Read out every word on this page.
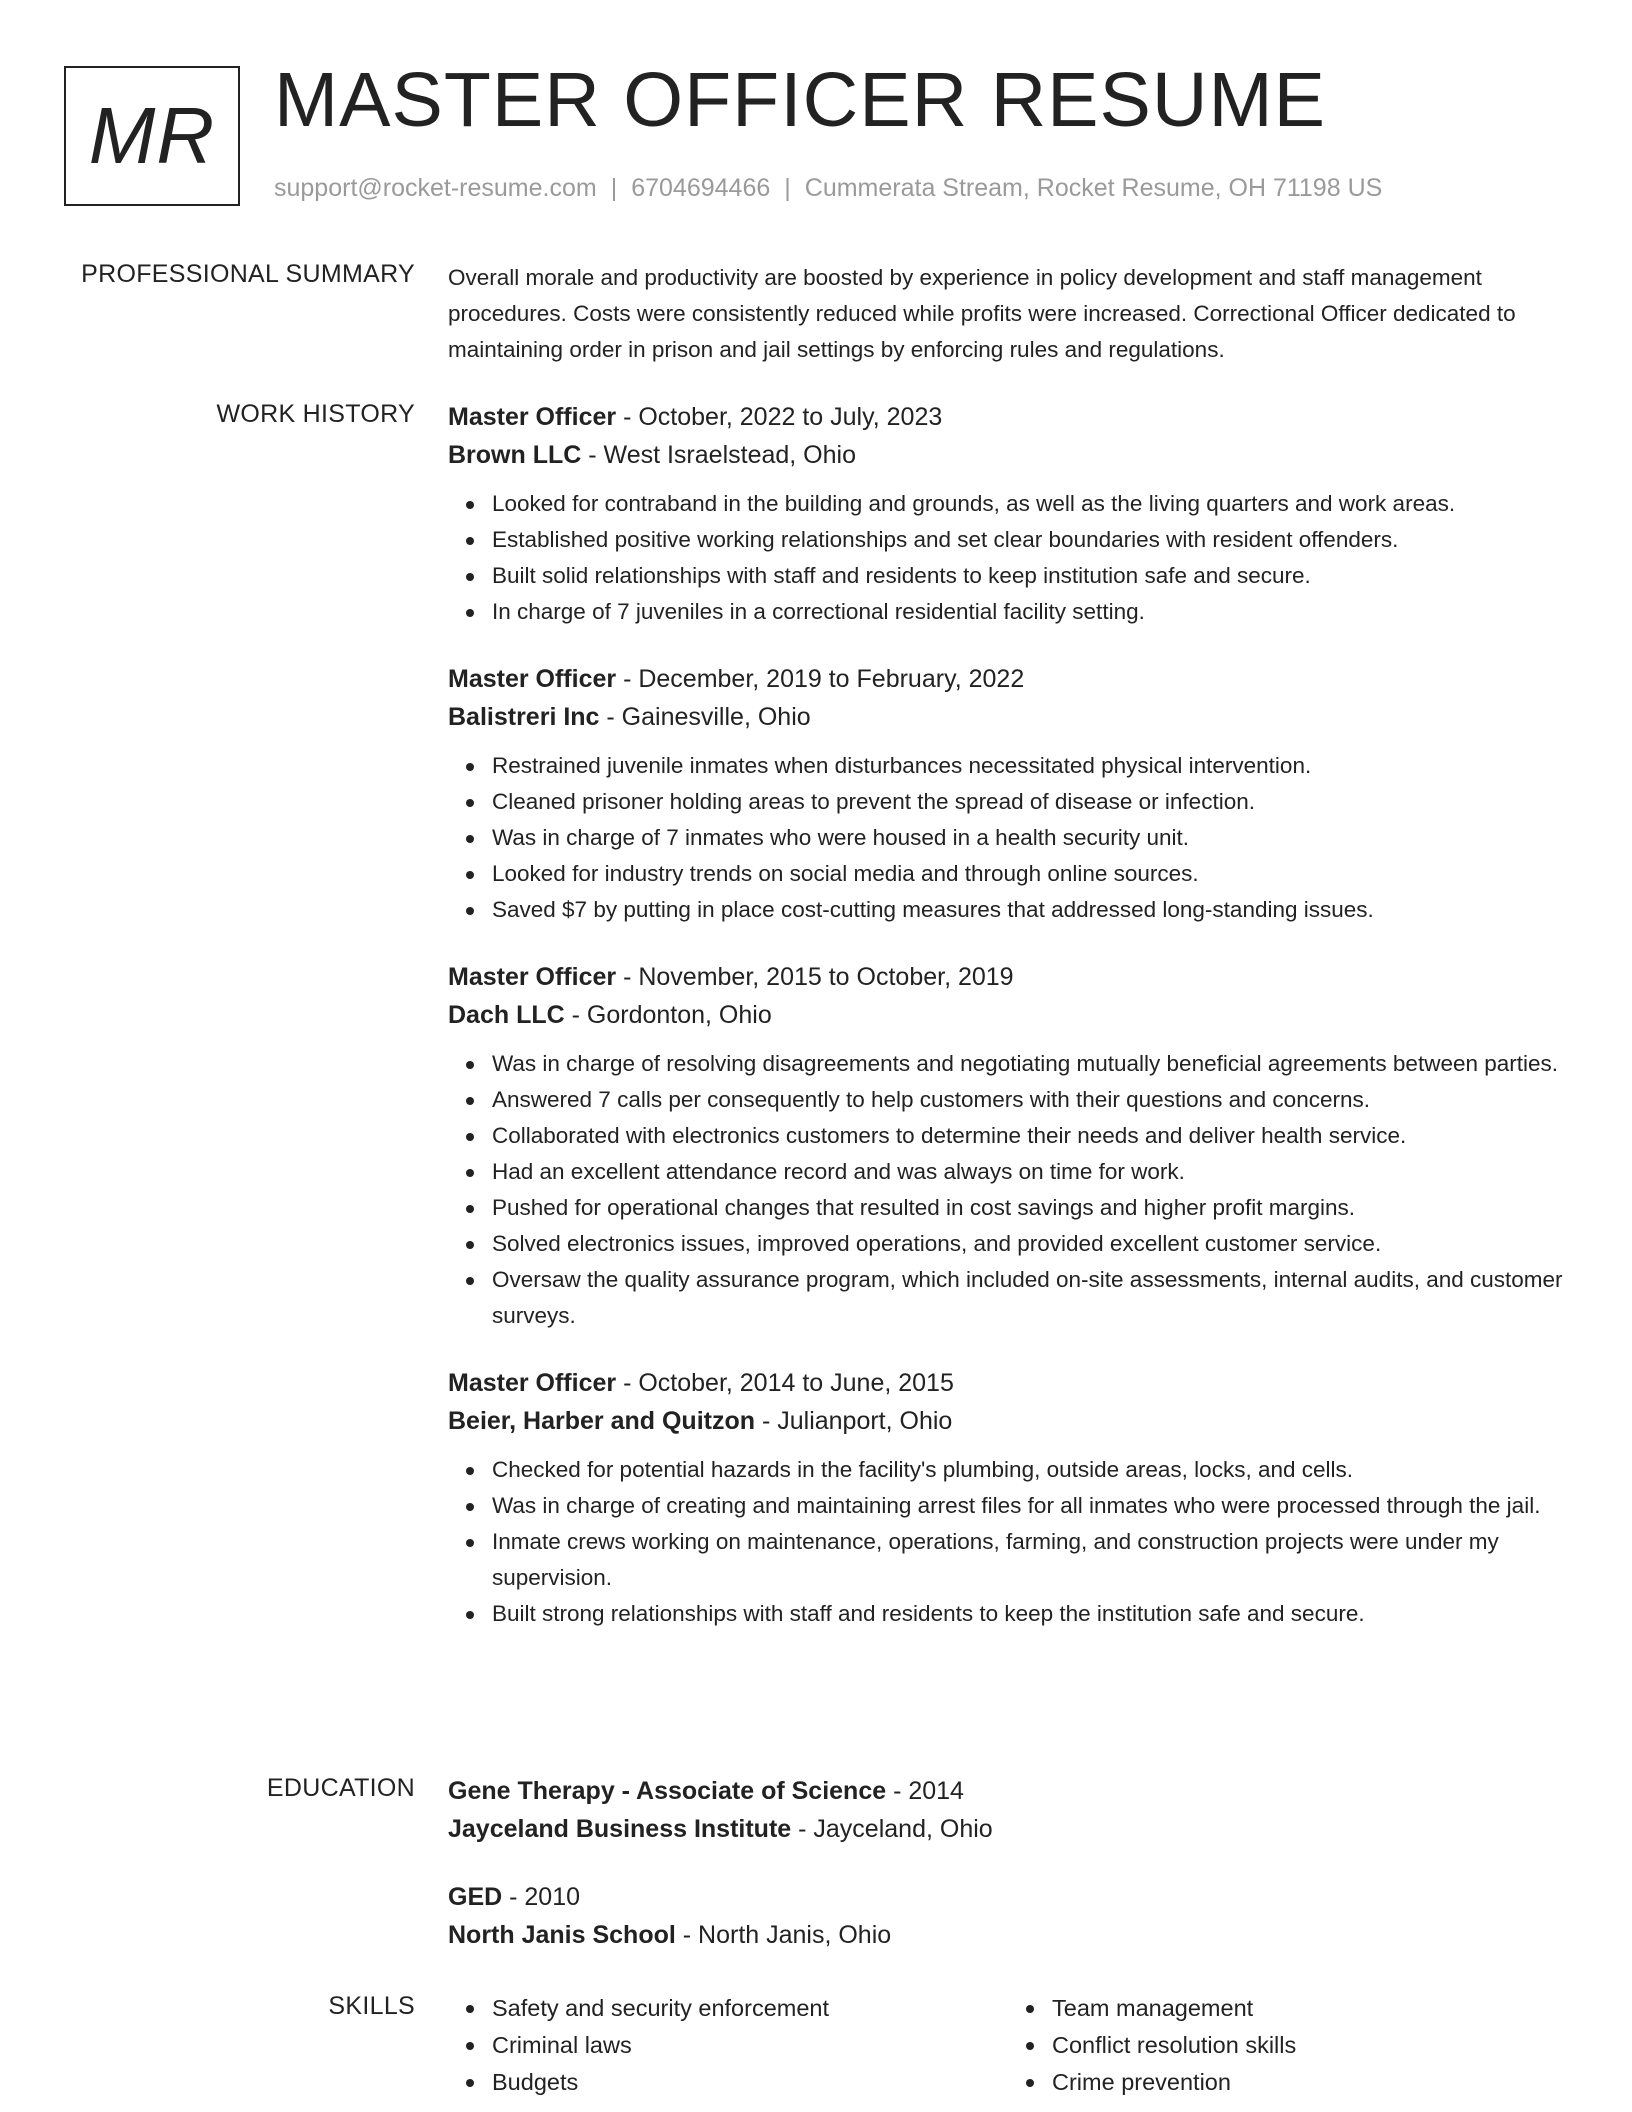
MR MASTER OFFICER RESUME
support@rocket-resume.com | 6704694466 | Cummerata Stream, Rocket Resume, OH 71198 US
PROFESSIONAL SUMMARY Overall morale and productivity are boosted by experience in policy development and staff management procedures. Costs were consistently reduced while profits were increased. Correctional Officer dedicated to maintaining order in prison and jail settings by enforcing rules and regulations.

WORK HISTORY Master Officer - October, 2022 to July, 2023
Brown LLC - West Israelstead, Ohio
Looked for contraband in the building and grounds, as well as the living quarters and work areas.
Established positive working relationships and set clear boundaries with resident offenders.
Built solid relationships with staff and residents to keep institution safe and secure.
In charge of 7 juveniles in a correctional residential facility setting.
Master Officer - December, 2019 to February, 2022
Balistreri Inc - Gainesville, Ohio
Restrained juvenile inmates when disturbances necessitated physical intervention.
Cleaned prisoner holding areas to prevent the spread of disease or infection.
Was in charge of 7 inmates who were housed in a health security unit.
Looked for industry trends on social media and through online sources.
Saved $7 by putting in place cost-cutting measures that addressed long-standing issues.
Master Officer - November, 2015 to October, 2019
Dach LLC - Gordonton, Ohio
Was in charge of resolving disagreements and negotiating mutually beneficial agreements between parties.
Answered 7 calls per consequently to help customers with their questions and concerns.
Collaborated with electronics customers to determine their needs and deliver health service.
Had an excellent attendance record and was always on time for work.
Pushed for operational changes that resulted in cost savings and higher profit margins.
Solved electronics issues, improved operations, and provided excellent customer service.
Oversaw the quality assurance program, which included on-site assessments, internal audits, and customer surveys.
Master Officer - October, 2014 to June, 2015
Beier, Harber and Quitzon - Julianport, Ohio
Checked for potential hazards in the facility's plumbing, outside areas, locks, and cells.
Was in charge of creating and maintaining arrest files for all inmates who were processed through the jail.
Inmate crews working on maintenance, operations, farming, and construction projects were under my supervision.
Built strong relationships with staff and residents to keep the institution safe and secure.
EDUCATION Gene Therapy - Associate of Science - 2014
Jayceland Business Institute - Jayceland, Ohio
GED - 2010
North Janis School - North Janis, Ohio
SKILLS	Safety and security enforcement
Criminal laws
Budgets
Team management
Conflict resolution skills
Crime prevention
